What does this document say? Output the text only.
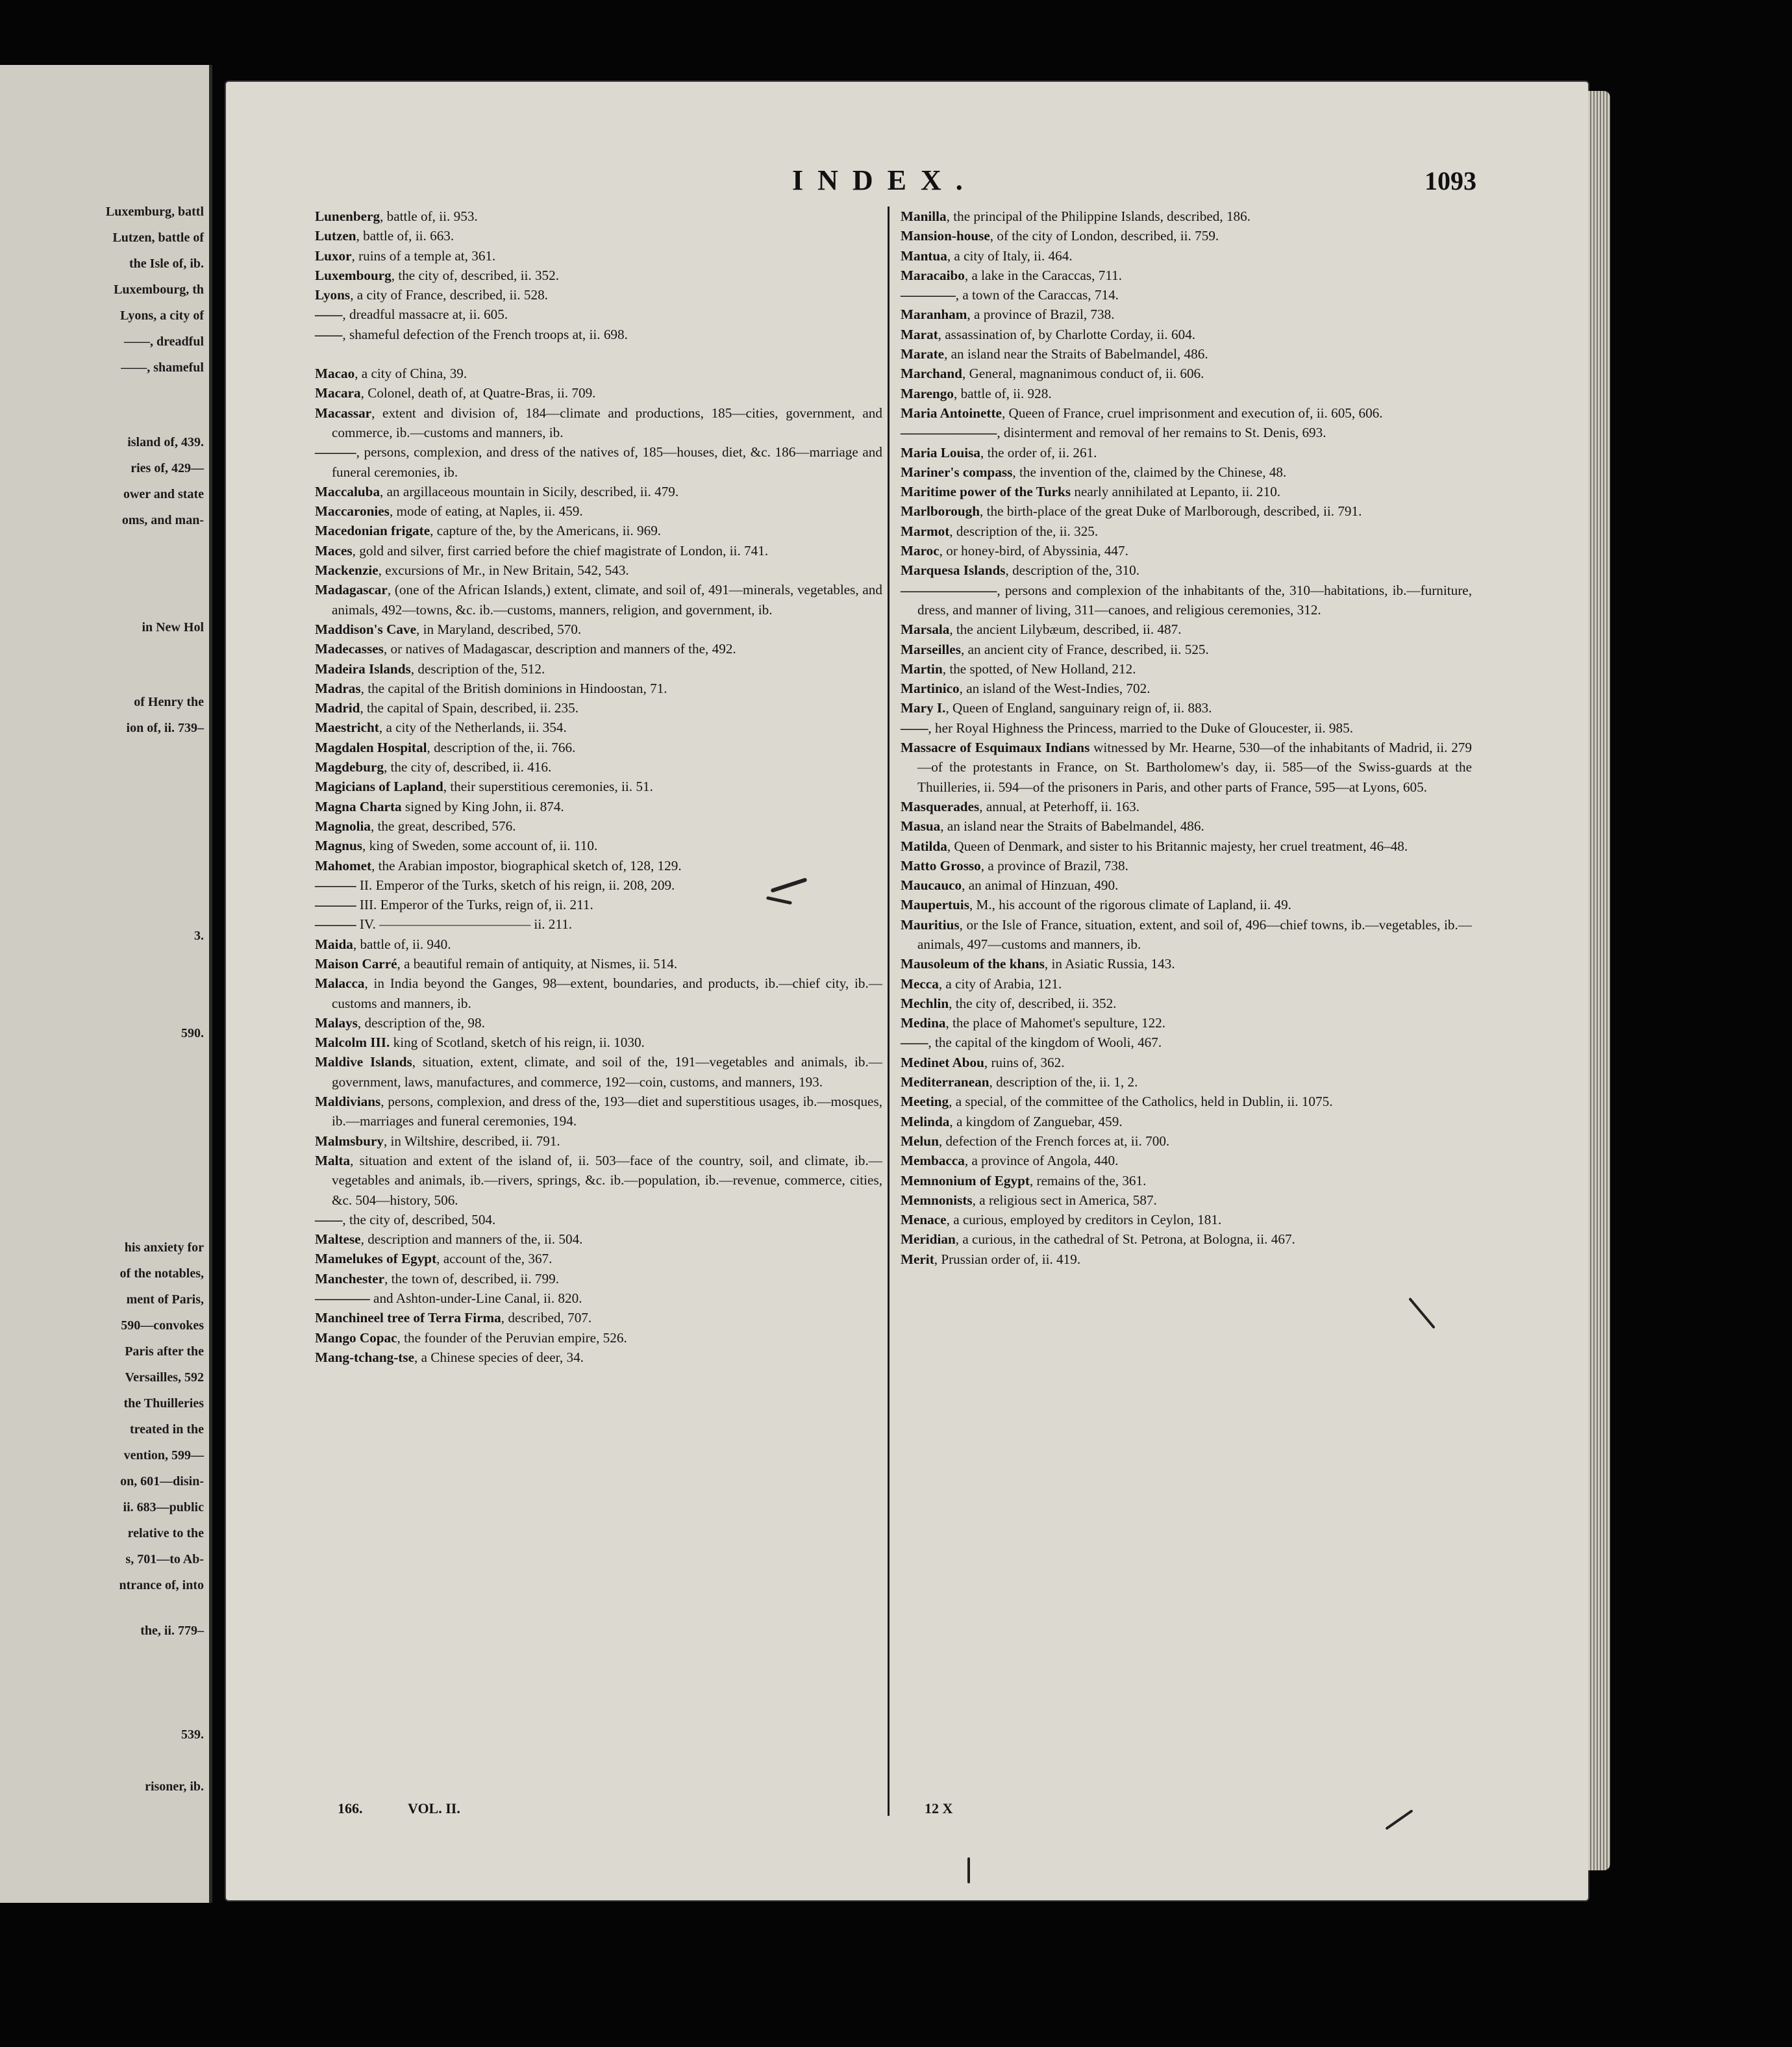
Luxemburg, battl
Lutzen, battle of
the Isle of, ib.
Luxembourg, th
Lyons, a city of
——, dreadful
——, shameful
island of, 439.
ries of, 429—
ower and state
oms, and man-
in New Hol
of Henry the
ion of, ii. 739–
3.
590.
his anxiety for
of the notables,
ment of Paris,
590—convokes
Paris after the
Versailles, 592
the Thuilleries
treated in the
vention, 599—
on, 601—disin-
ii. 683—public
relative to the
s, 701—to Ab-
ntrance of, into
the, ii. 779–
539.
risoner, ib.
INDEX.	1093
Lunenberg, battle of, ii. 953.
Lutzen, battle of, ii. 663.
Luxor, ruins of a temple at, 361.
Luxembourg, the city of, described, ii. 352.
Lyons, a city of France, described, ii. 528.
——, dreadful massacre at, ii. 605.
——, shameful defection of the French troops at, ii. 698.
Macao, a city of China, 39.
Macara, Colonel, death of, at Quatre-Bras, ii. 709.
Macassar, extent and division of, 184—climate and productions, 185—cities, government, and commerce, ib.—customs and manners, ib.
———, persons, complexion, and dress of the natives of, 185—houses, diet, &c. 186—marriage and funeral ceremonies, ib.
Maccaluba, an argillaceous mountain in Sicily, described, ii. 479.
Maccaronies, mode of eating, at Naples, ii. 459.
Macedonian frigate, capture of the, by the Americans, ii. 969.
Maces, gold and silver, first carried before the chief magistrate of London, ii. 741.
Mackenzie, excursions of Mr., in New Britain, 542, 543.
Madagascar, (one of the African Islands,) extent, climate, and soil of, 491—minerals, vegetables, and animals, 492—towns, &c. ib.—customs, manners, religion, and government, ib.
Maddison's Cave, in Maryland, described, 570.
Madecasses, or natives of Madagascar, description and manners of the, 492.
Madeira Islands, description of the, 512.
Madras, the capital of the British dominions in Hindoostan, 71.
Madrid, the capital of Spain, described, ii. 235.
Maestricht, a city of the Netherlands, ii. 354.
Magdalen Hospital, description of the, ii. 766.
Magdeburg, the city of, described, ii. 416.
Magicians of Lapland, their superstitious ceremonies, ii. 51.
Magna Charta signed by King John, ii. 874.
Magnolia, the great, described, 576.
Magnus, king of Sweden, some account of, ii. 110.
Mahomet, the Arabian impostor, biographical sketch of, 128, 129.
——— II. Emperor of the Turks, sketch of his reign, ii. 208, 209.
——— III. Emperor of the Turks, reign of, ii. 211.
——— IV. ——————————— ii. 211.
Maida, battle of, ii. 940.
Maison Carré, a beautiful remain of antiquity, at Nismes, ii. 514.
Malacca, in India beyond the Ganges, 98—extent, boundaries, and products, ib.—chief city, ib.—customs and manners, ib.
Malays, description of the, 98.
Malcolm III. king of Scotland, sketch of his reign, ii. 1030.
Maldive Islands, situation, extent, climate, and soil of the, 191—vegetables and animals, ib.—government, laws, manufactures, and commerce, 192—coin, customs, and manners, 193.
Maldivians, persons, complexion, and dress of the, 193—diet and superstitious usages, ib.—mosques, ib.—marriages and funeral ceremonies, 194.
Malmsbury, in Wiltshire, described, ii. 791.
Malta, situation and extent of the island of, ii. 503—face of the country, soil, and climate, ib.—vegetables and animals, ib.—rivers, springs, &c. ib.—population, ib.—revenue, commerce, cities, &c. 504—history, 506.
——, the city of, described, 504.
Maltese, description and manners of the, ii. 504.
Mamelukes of Egypt, account of the, 367.
Manchester, the town of, described, ii. 799.
———— and Ashton-under-Line Canal, ii. 820.
Manchineel tree of Terra Firma, described, 707.
Mango Copac, the founder of the Peruvian empire, 526.
Mang-tchang-tse, a Chinese species of deer, 34.
Manilla, the principal of the Philippine Islands, described, 186.
Mansion-house, of the city of London, described, ii. 759.
Mantua, a city of Italy, ii. 464.
Maracaibo, a lake in the Caraccas, 711.
————, a town of the Caraccas, 714.
Maranham, a province of Brazil, 738.
Marat, assassination of, by Charlotte Corday, ii. 604.
Marate, an island near the Straits of Babelmandel, 486.
Marchand, General, magnanimous conduct of, ii. 606.
Marengo, battle of, ii. 928.
Maria Antoinette, Queen of France, cruel imprisonment and execution of, ii. 605, 606.
———————, disinterment and removal of her remains to St. Denis, 693.
Maria Louisa, the order of, ii. 261.
Mariner's compass, the invention of the, claimed by the Chinese, 48.
Maritime power of the Turks nearly annihilated at Lepanto, ii. 210.
Marlborough, the birth-place of the great Duke of Marlborough, described, ii. 791.
Marmot, description of the, ii. 325.
Maroc, or honey-bird, of Abyssinia, 447.
Marquesa Islands, description of the, 310.
———————, persons and complexion of the inhabitants of the, 310—habitations, ib.—furniture, dress, and manner of living, 311—canoes, and religious ceremonies, 312.
Marsala, the ancient Lilybæum, described, ii. 487.
Marseilles, an ancient city of France, described, ii. 525.
Martin, the spotted, of New Holland, 212.
Martinico, an island of the West-Indies, 702.
Mary I., Queen of England, sanguinary reign of, ii. 883.
——, her Royal Highness the Princess, married to the Duke of Gloucester, ii. 985.
Massacre of Esquimaux Indians witnessed by Mr. Hearne, 530—of the inhabitants of Madrid, ii. 279—of the protestants in France, on St. Bartholomew's day, ii. 585—of the Swiss-guards at the Thuilleries, ii. 594—of the prisoners in Paris, and other parts of France, 595—at Lyons, 605.
Masquerades, annual, at Peterhoff, ii. 163.
Masua, an island near the Straits of Babelmandel, 486.
Matilda, Queen of Denmark, and sister to his Britannic majesty, her cruel treatment, 46–48.
Matto Grosso, a province of Brazil, 738.
Maucauco, an animal of Hinzuan, 490.
Maupertuis, M., his account of the rigorous climate of Lapland, ii. 49.
Mauritius, or the Isle of France, situation, extent, and soil of, 496—chief towns, ib.—vegetables, ib.—animals, 497—customs and manners, ib.
Mausoleum of the khans, in Asiatic Russia, 143.
Mecca, a city of Arabia, 121.
Mechlin, the city of, described, ii. 352.
Medina, the place of Mahomet's sepulture, 122.
——, the capital of the kingdom of Wooli, 467.
Medinet Abou, ruins of, 362.
Mediterranean, description of the, ii. 1, 2.
Meeting, a special, of the committee of the Catholics, held in Dublin, ii. 1075.
Melinda, a kingdom of Zanguebar, 459.
Melun, defection of the French forces at, ii. 700.
Membacca, a province of Angola, 440.
Memnonium of Egypt, remains of the, 361.
Memnonists, a religious sect in America, 587.
Menace, a curious, employed by creditors in Ceylon, 181.
Meridian, a curious, in the cathedral of St. Petrona, at Bologna, ii. 467.
Merit, Prussian order of, ii. 419.
166.	VOL. II.	12 X
